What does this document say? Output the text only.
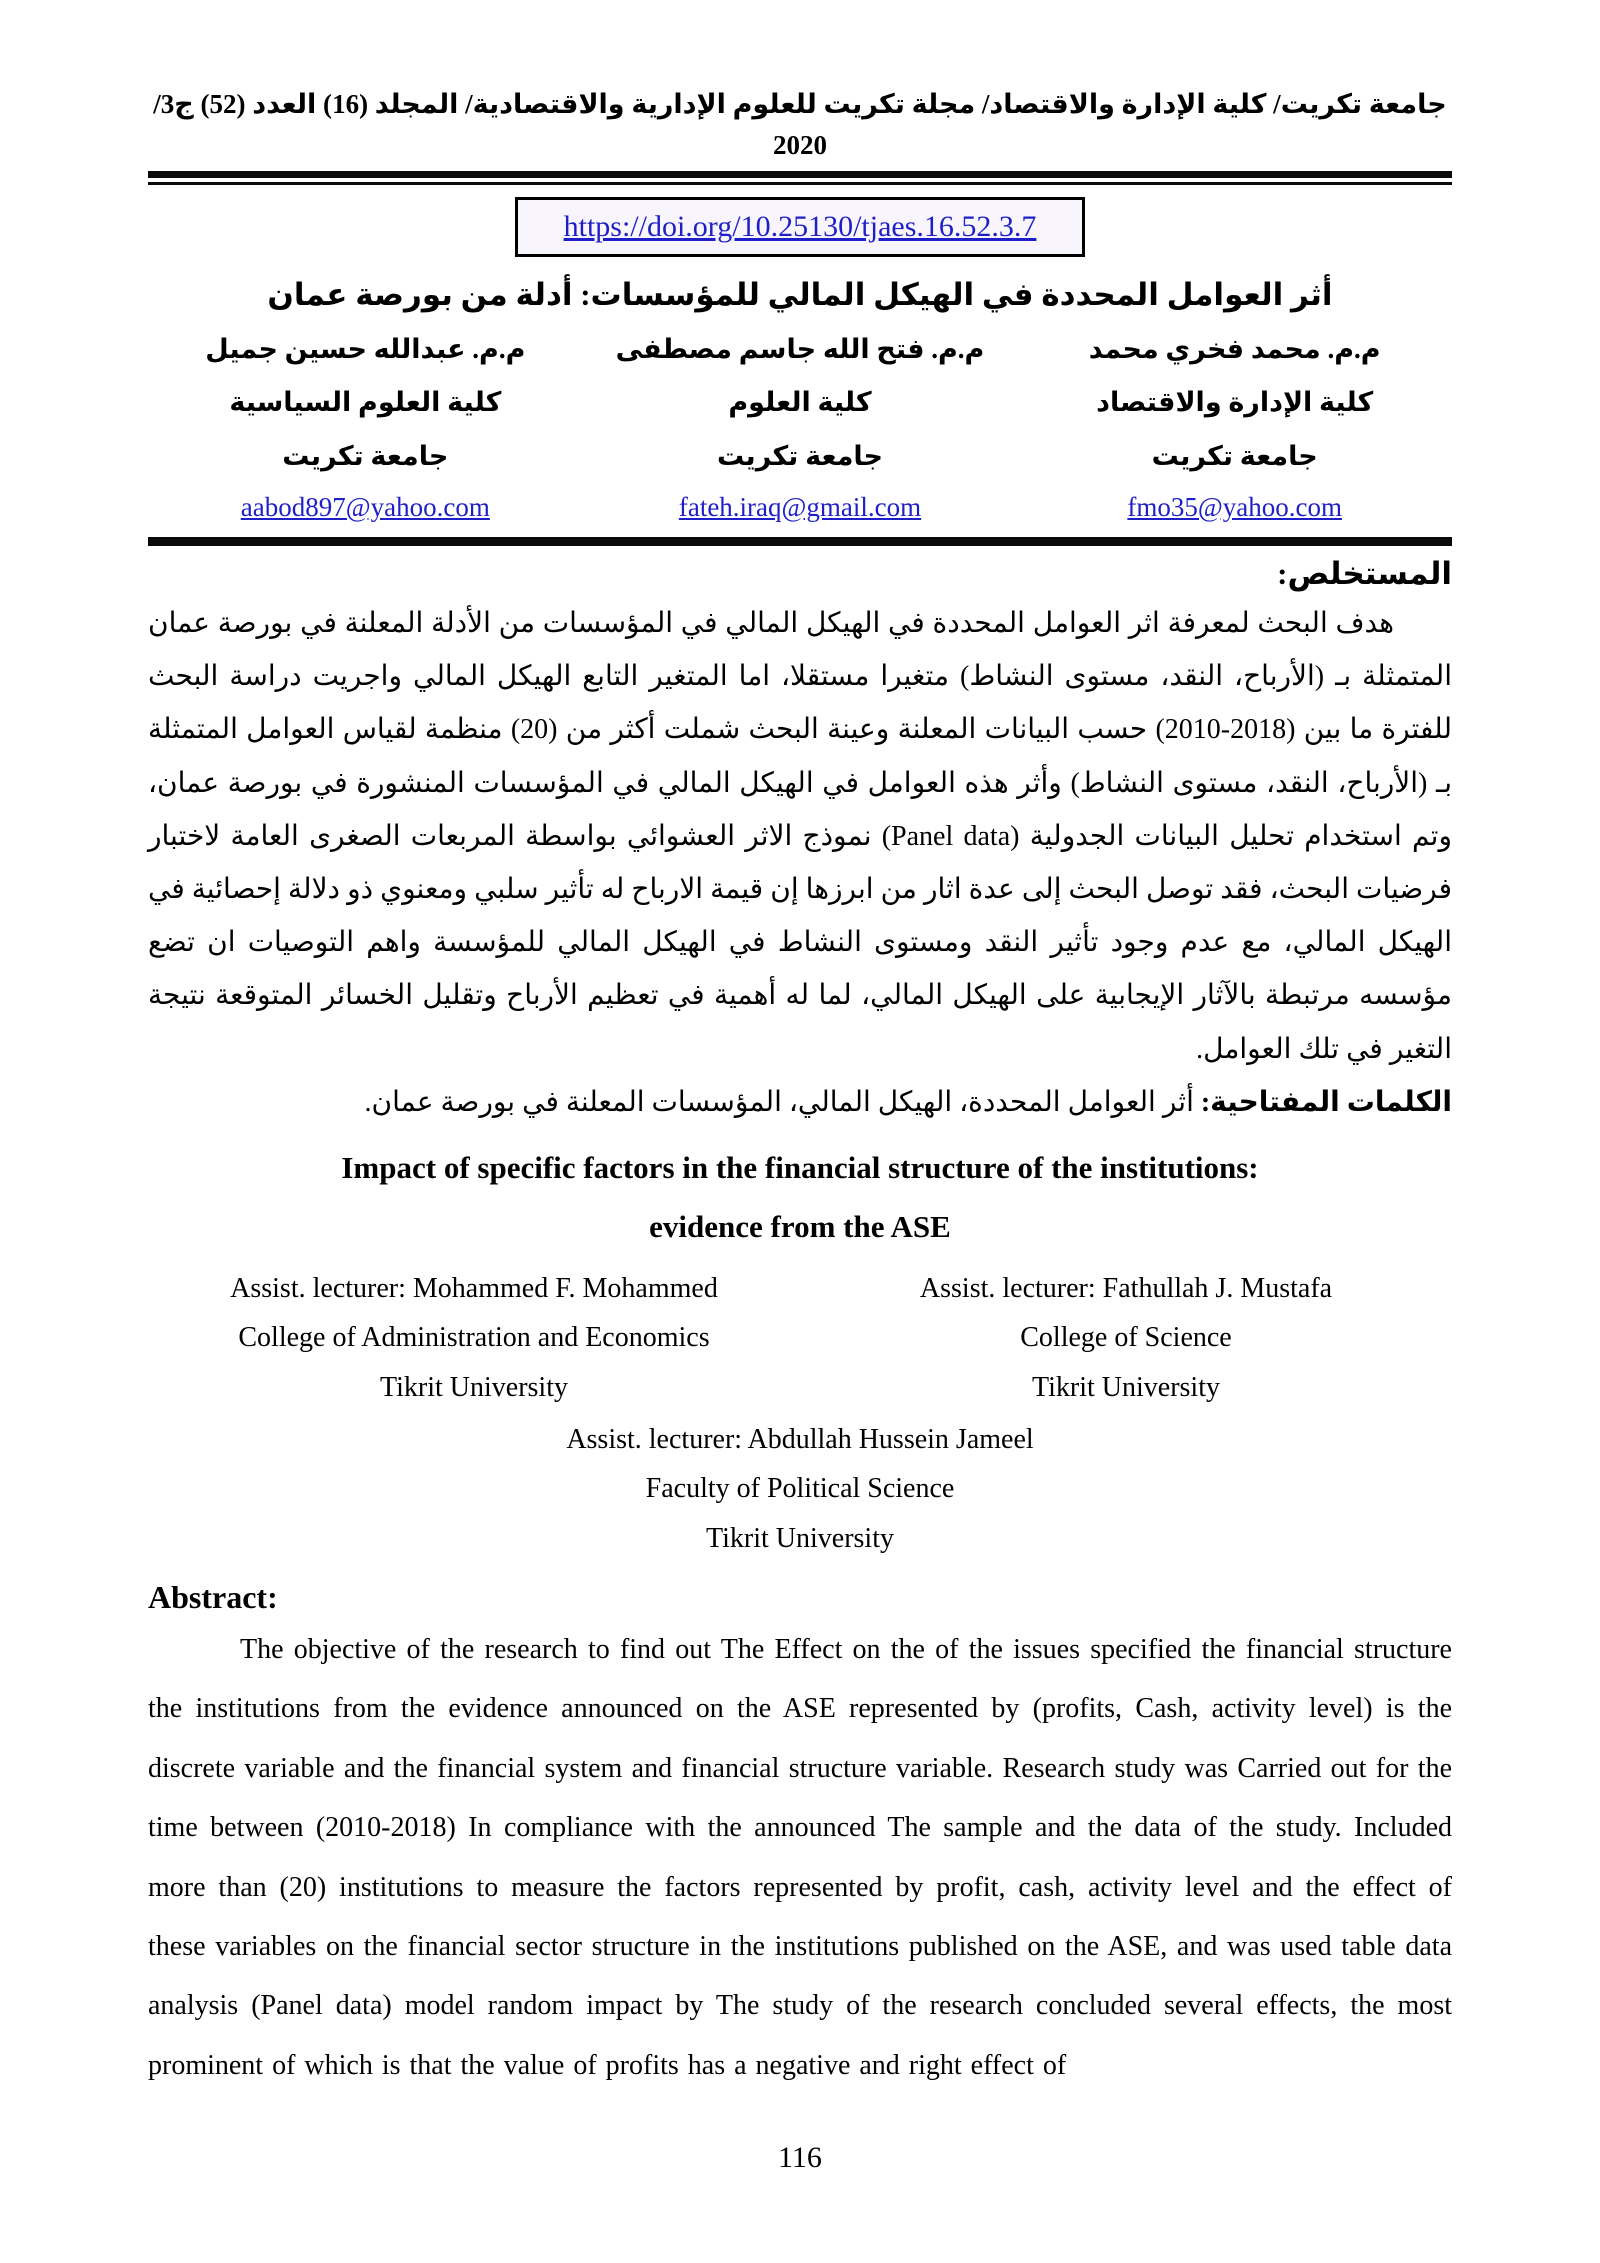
جامعة تكريت/ كلية الإدارة والاقتصاد/ مجلة تكريت للعلوم الإدارية والاقتصادية/ المجلد (16) العدد (52) ج3/ 2020
https://doi.org/10.25130/tjaes.16.52.3.7
أثر العوامل المحددة في الهيكل المالي للمؤسسات: أدلة من بورصة عمان
م.م. محمد فخري محمد
كلية الإدارة والاقتصاد
جامعة تكريت
م.م. فتح الله جاسم مصطفى
كلية العلوم
جامعة تكريت
م.م. عبدالله حسين جميل
كلية العلوم السياسية
جامعة تكريت
fmo35@yahoo.com
fateh.iraq@gmail.com
aabod897@yahoo.com
المستخلص:

هدف البحث لمعرفة اثر العوامل المحددة في الهيكل المالي في المؤسسات من الأدلة المعلنة في بورصة عمان المتمثلة بـ (الأرباح، النقد، مستوى النشاط) متغيرا مستقلا، اما المتغير التابع الهيكل المالي واجريت دراسة البحث للفترة ما بين (2018-2010) حسب البيانات المعلنة وعينة البحث شملت أكثر من (20) منظمة لقياس العوامل المتمثلة بـ (الأرباح، النقد، مستوى النشاط) وأثر هذه العوامل في الهيكل المالي في المؤسسات المنشورة في بورصة عمان، وتم استخدام تحليل البيانات الجدولية (Panel data) نموذج الاثر العشوائي بواسطة المربعات الصغرى العامة لاختبار فرضيات البحث، فقد توصل البحث إلى عدة اثار من ابرزها إن قيمة الارباح له تأثير سلبي ومعنوي ذو دلالة إحصائية في الهيكل المالي، مع عدم وجود تأثير النقد ومستوى النشاط في الهيكل المالي للمؤسسة واهم التوصيات ان تضع مؤسسه مرتبطة بالآثار الإيجابية على الهيكل المالي، لما له أهمية في تعظيم الأرباح وتقليل الخسائر المتوقعة نتيجة التغير في تلك العوامل.

الكلمات المفتاحية: أثر العوامل المحددة، الهيكل المالي، المؤسسات المعلنة في بورصة عمان.

Impact of specific factors in the financial structure of the institutions:
evidence from the ASE
Assist. lecturer: Mohammed F. Mohammed
College of Administration and Economics
Tikrit University
Assist. lecturer: Fathullah J. Mustafa
College of Science
Tikrit University
Assist. lecturer: Abdullah Hussein Jameel
Faculty of Political Science
Tikrit University
Abstract:

The objective of the research to find out The Effect on the of the issues specified the financial structure the institutions from the evidence announced on the ASE represented by (profits, Cash, activity level) is the discrete variable and the financial system and financial structure variable. Research study was Carried out for the time between (2010-2018) In compliance with the announced The sample and the data of the study. Included more than (20) institutions to measure the factors represented by profit, cash, activity level and the effect of these variables on the financial sector structure in the institutions published on the ASE, and was used table data analysis (Panel data) model random impact by The study of the research concluded several effects, the most prominent of which is that the value of profits has a negative and right effect of

116
